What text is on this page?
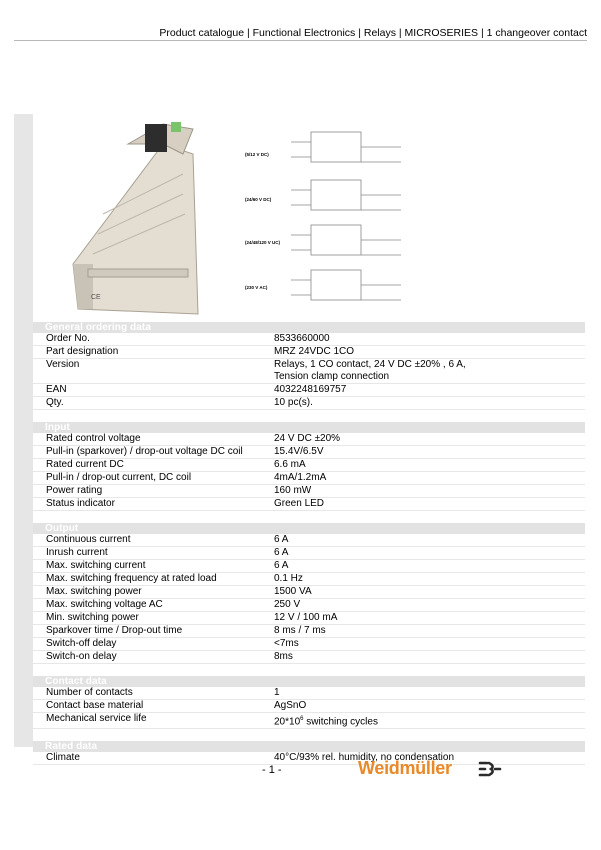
Product catalogue | Functional Electronics | Relays | MICROSERIES | 1 changeover contact
CE
(5/12 V DC)
(24/60 V DC)
(24/48/120 V UC)
(230 V AC)
General ordering data
Order No.	8533660000
Part designation	MRZ 24VDC 1CO
Version	Relays, 1 CO contact, 24 V DC ±20% , 6 A,
Tension clamp connection
EAN	4032248169757
Qty.	10 pc(s).
Input
Rated control voltage	24 V DC ±20%
Pull-in (sparkover) / drop-out voltage DC coil	15.4V/6.5V
Rated current DC	6.6 mA
Pull-in / drop-out current, DC coil	4mA/1.2mA
Power rating	160 mW
Status indicator	Green LED
Output
Continuous current	6 A
Inrush current	6 A
Max. switching current	6 A
Max. switching frequency at rated load	0.1 Hz
Max. switching power	1500 VA
Max. switching voltage AC	250 V
Min. switching power	12 V / 100 mA
Sparkover time / Drop-out time	8 ms / 7 ms
Switch-off delay	<7ms
Switch-on delay	8ms
Contact data
Number of contacts	1
Contact base material	AgSnO
Mechanical service life	$20*10^6$ switching cycles
Rated data
Climate	40°C/93% rel. humidity, no condensation
- 1 -	Weidmüller
